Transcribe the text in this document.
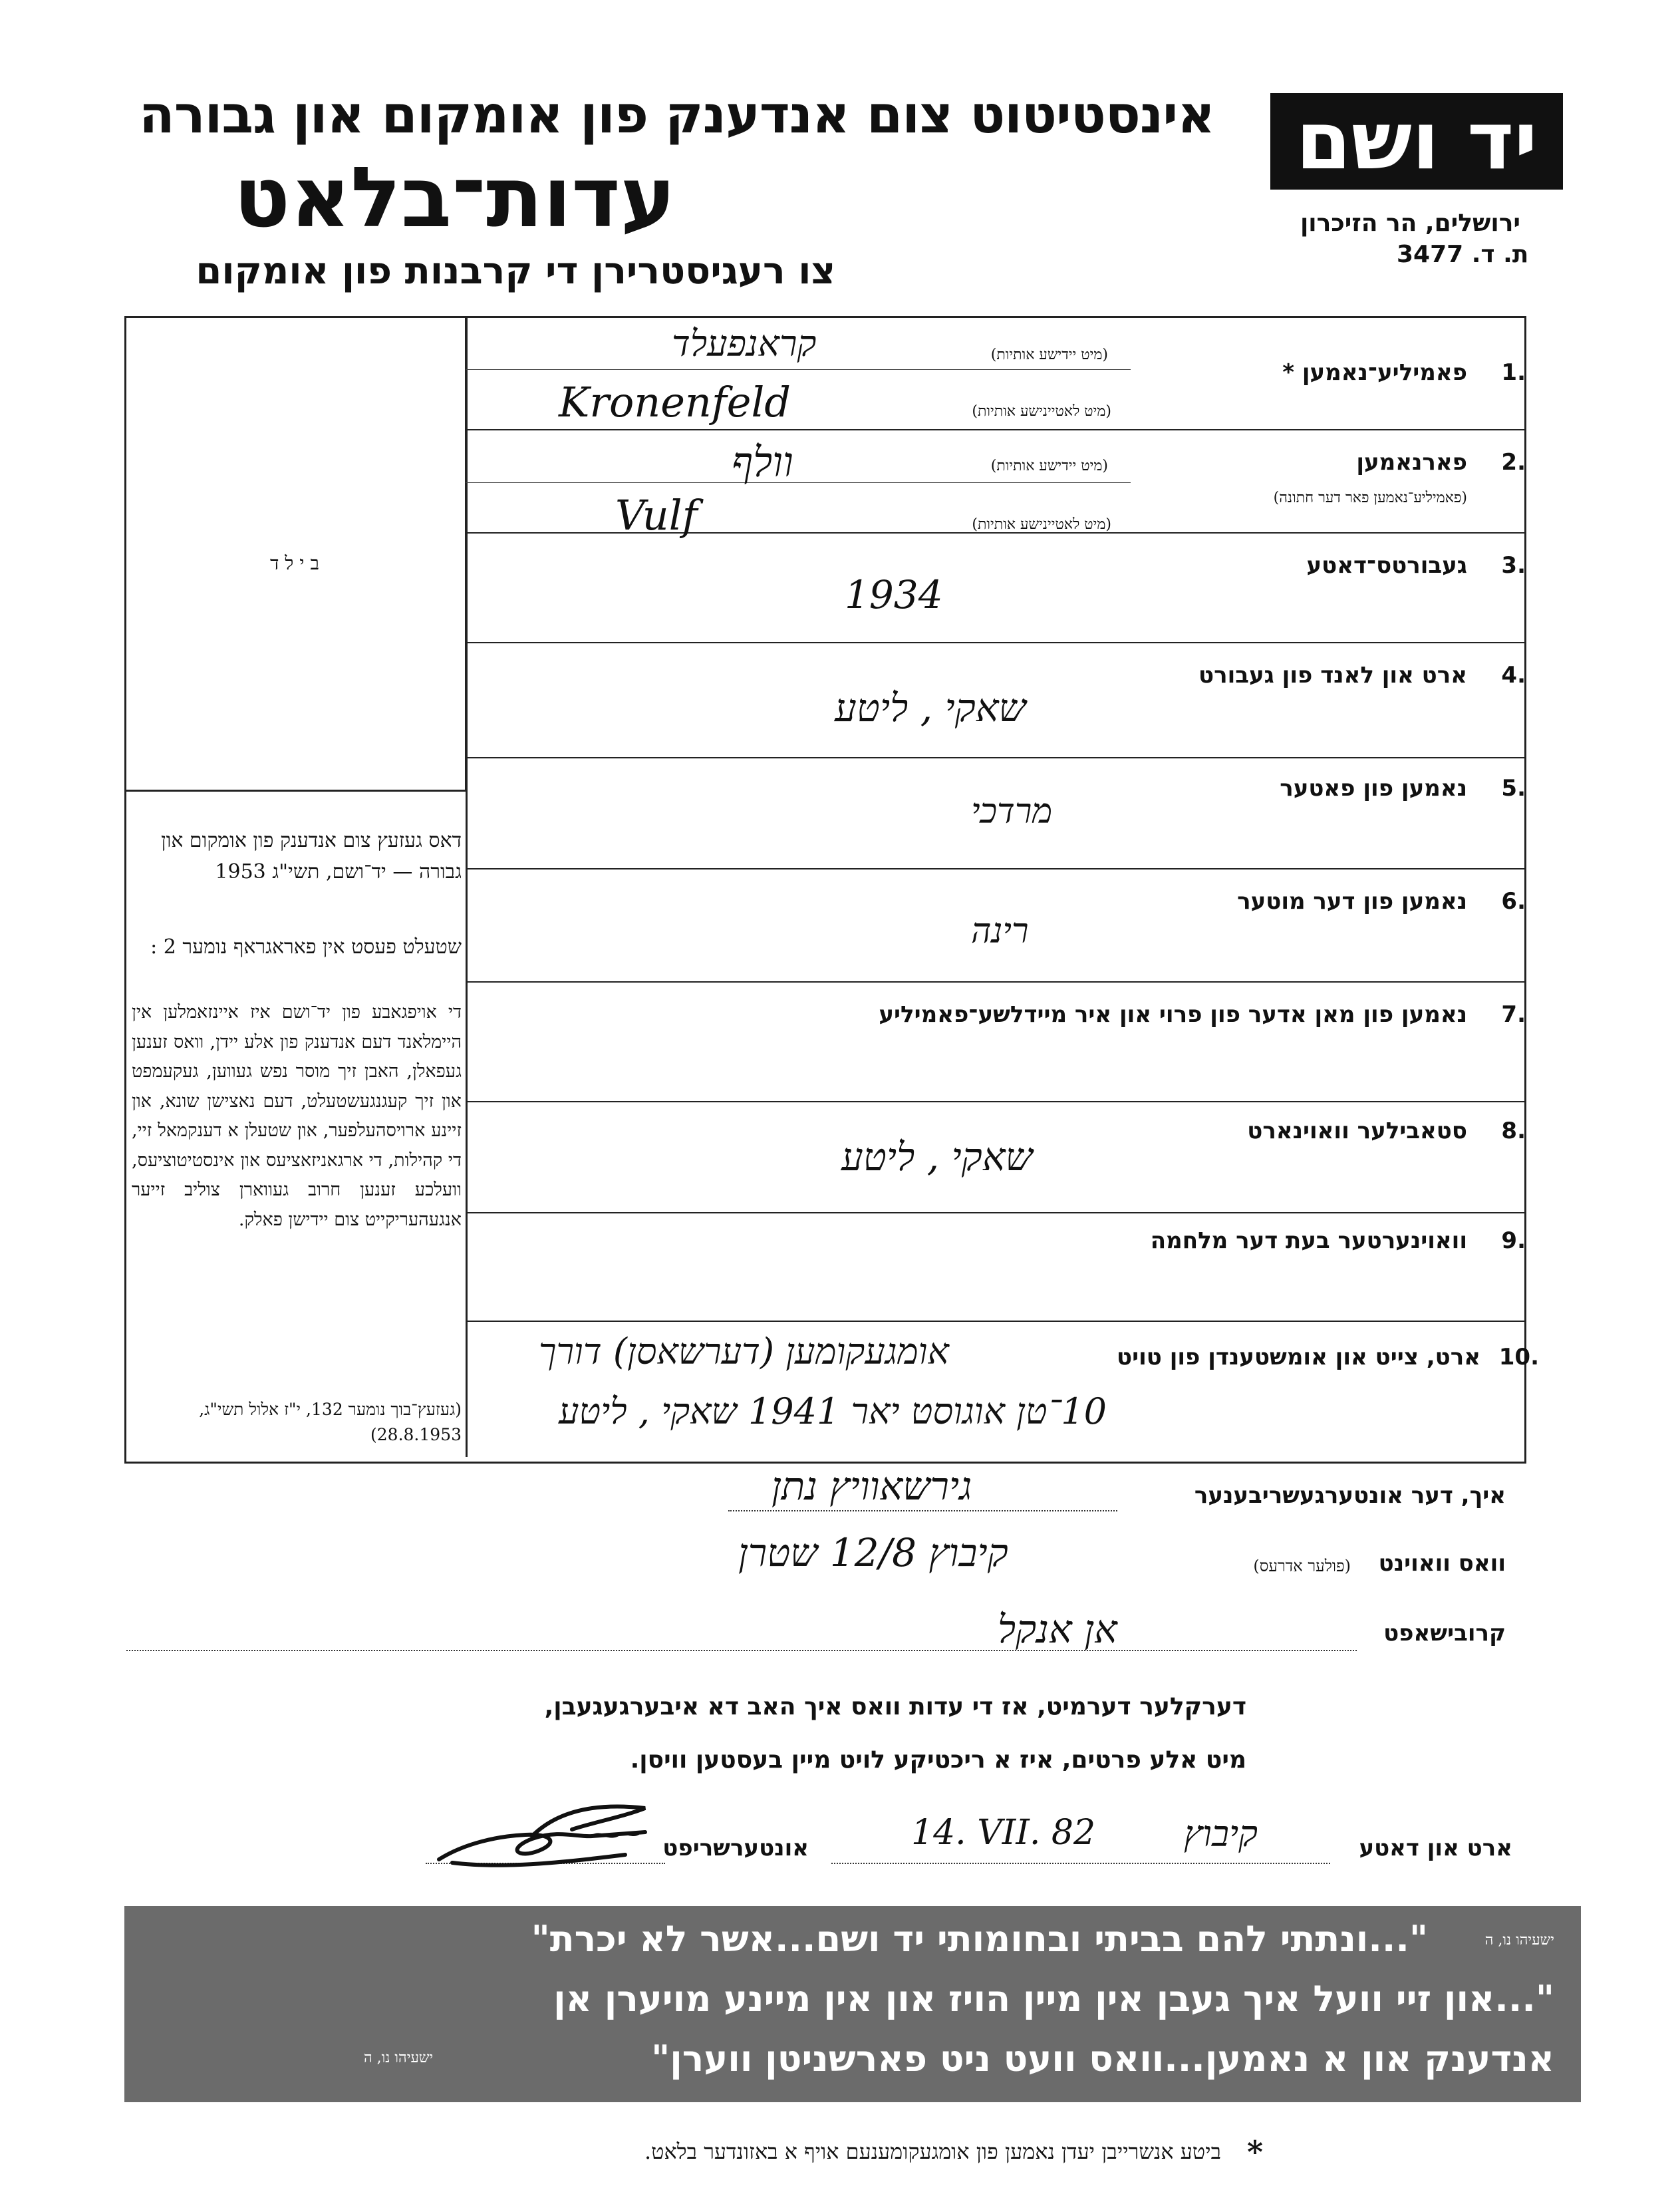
יד ושם
אינסטיטוט צום אנדענק פון אומקום און גבורה
עדות־בלאט
צו רעגיסטרירן די קרבנות פון אומקום
ירושלים, הר הזיכרון
ת. ד. 3477
ב י ל ד
דאס געזעץ צום אנדענק פון אומקום און גבורה — יד־ושם, תשי"ג 1953
שטעלט פעסט אין פאראגראף נומער 2 :
די אויפגאבע פון יד־ושם איז איינזאמלען אין היימלאנד דעם אנדענק פון אלע יידן, וואס זענען געפאלן, האבן זיך מוסר נפש געווען, געקעמפט און זיך קעגנגעשטעלט, דעם נאצישן שונא, און זיינע ארויסהעלפער, און שטעלן א דענקמאל זיי, די קהילות, די ארגאניזאציעס און אינסטיטוציעס, וועלכע זענען חרוב געווארן צוליב זייער אנגעהעריקייט צום יידישן פאלק.
(געזעץ־בוך נומער 132, י"ז אלול תשי"ג, 28.8.1953)
1.
פאמיליע־נאמען *
(מיט יידישע אותיות)
(מיט לאטיינישע אותיות)
קראנפעלד
Kronenfeld
2.
פארנאמען
(פאמיליע־נאמען פאר דער חתונה)
(מיט יידישע אותיות)
(מיט לאטיינישע אותיות)
וולף
Vulf
3.
געבורטס־דאטע
1934
4.
ארט און לאנד פון געבורט
שאקי , ליטע
5.
נאמען פון פאטער
מרדכי
6.
נאמען פון דער מוטער
רינה
7.
נאמען פון מאן אדער פון פרוי און איר מיידלשע־פאמיליע
8.
סטאבילער וואוינארט
שאקי , ליטע
9.
וואוינערטער בעת דער מלחמה
10.
ארט, צייט און אומשטענדן פון טויט
אומגעקומען (דערשאסן) דורך
10־טן אוגוסט יאר 1941 שאקי , ליטע
איך, דער אונטערגעשריבענער
גירשאוויץ נתן
וואס וואוינט
(פולער אדרעס)
קיבוץ 12/8 שטרן
קרובישאפט
אן אנקל
דערקלער דערמיט, אז די עדות וואס איך האב דא איבערגעגעבן,
מיט אלע פרטים, איז א ריכטיקע לויט מיין בעסטען וויסן.
ארט און דאטע
קיבוץ
14. VII. 82
אונטערשריפט
"...ונתתי להם בביתי ובחומותי יד ושם...אשר לא יכרת"	ישעיהו נו, ה
"...און זיי וועל איך געבן אין מיין הויז און אין מיינע מויערן אן
אנדענק און א נאמען...וואס וועט ניט פארשניטן ווערן"
ישעיהו נו, ה
*
ביטע אנשרייבן יעדן נאמען פון אומגעקומענעם אויף א באזונדער בלאט.
